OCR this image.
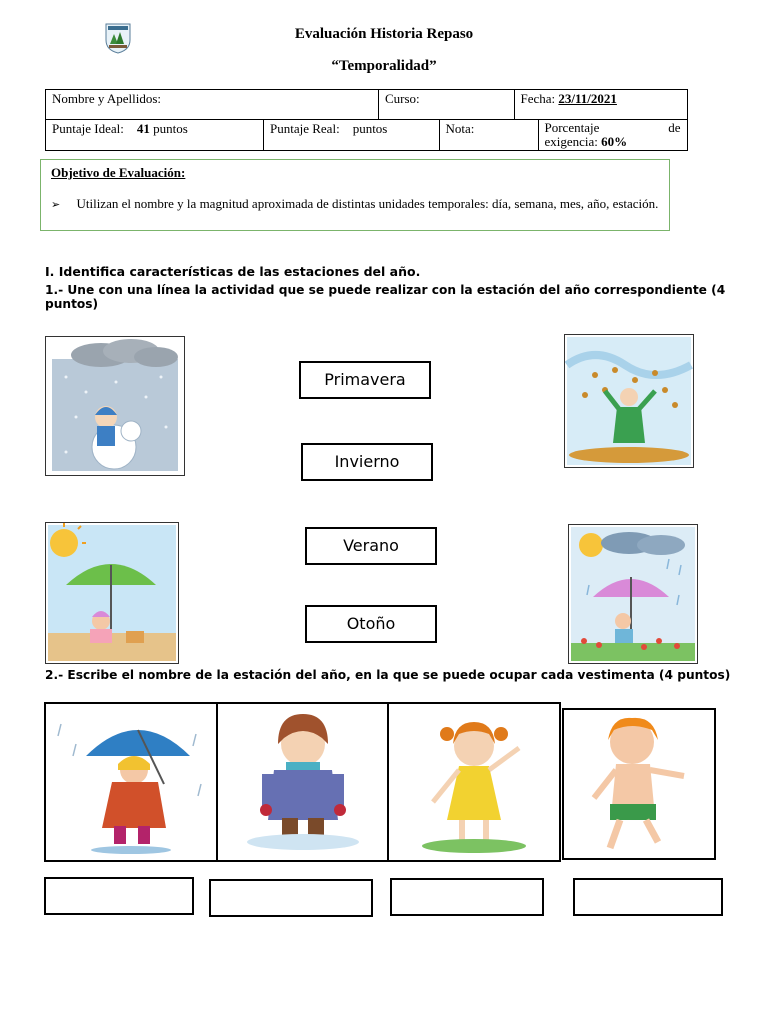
Evaluación Historia Repaso
“Temporalidad”
Nombre y Apellidos:		Curso:		Fecha: 23/11/2021	
Puntaje Ideal: 41 puntos	Puntaje Real: puntos		Nota:		Porcentaje de
exigencia: 60%
Objetivo de Evaluación:
➢ Utilizan el nombre y la magnitud aproximada de distintas unidades temporales: día, semana, mes, año, estación.
I. Identifica características de las estaciones del año.
1.- Une con una línea la actividad que se puede realizar con la estación del año correspondiente (4 puntos)
Primavera
Invierno
Verano
Otoño
2.- Escribe el nombre de la estación del año, en la que se puede ocupar cada vestimenta (4 puntos)
